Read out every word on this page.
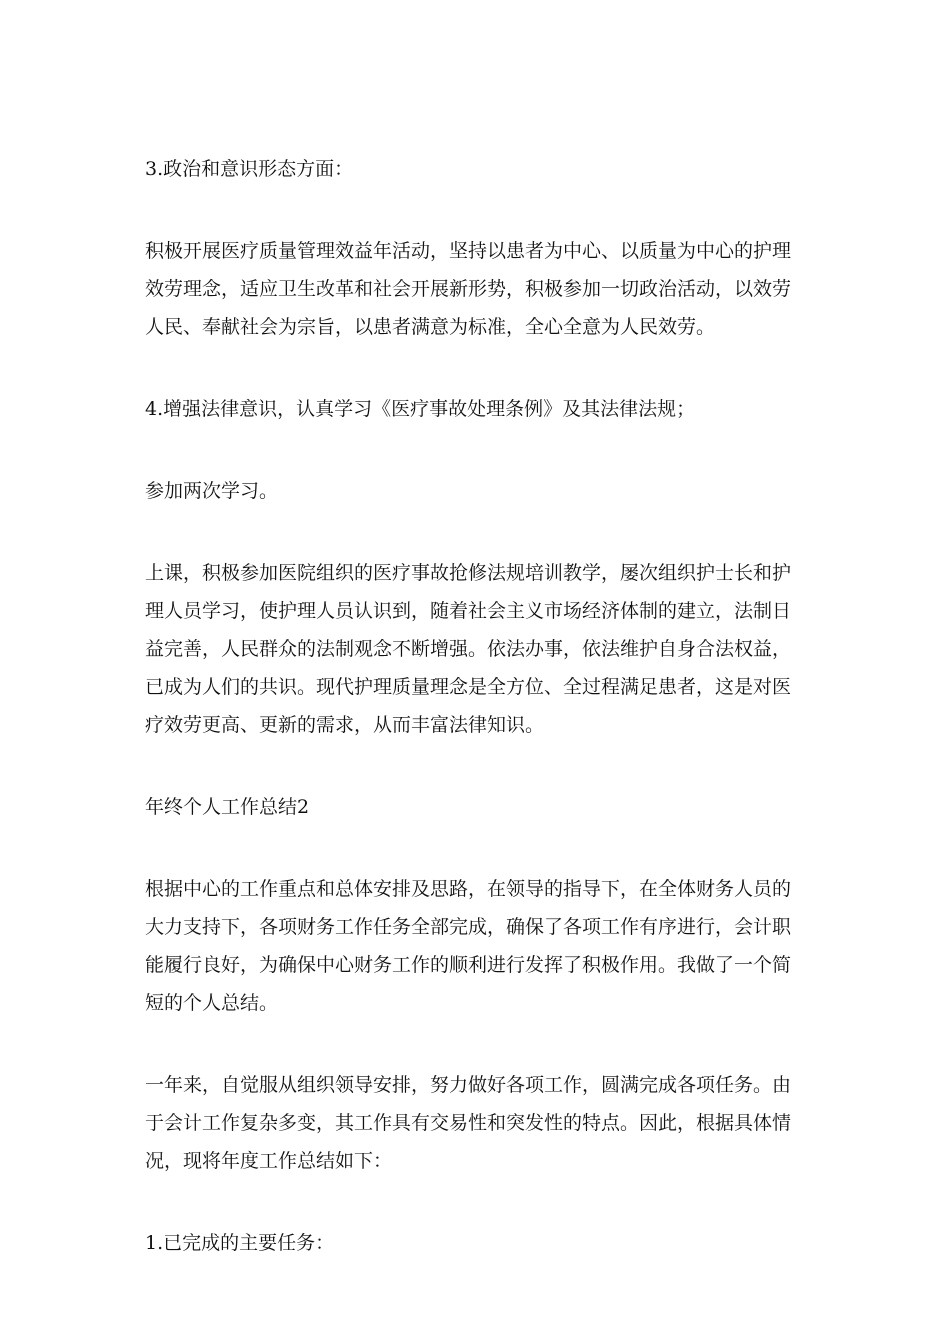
3.政治和意识形态方面：

积极开展医疗质量管理效益年活动，坚持以患者为中心、以质量为中心的护理效劳理念，适应卫生改革和社会开展新形势，积极参加一切政治活动，以效劳人民、奉献社会为宗旨，以患者满意为标准，全心全意为人民效劳。

4.增强法律意识，认真学习《医疗事故处理条例》及其法律法规；

参加两次学习。

上课，积极参加医院组织的医疗事故抢修法规培训教学，屡次组织护士长和护理人员学习，使护理人员认识到，随着社会主义市场经济体制的建立，法制日益完善，人民群众的法制观念不断增强。依法办事，依法维护自身合法权益，已成为人们的共识。现代护理质量理念是全方位、全过程满足患者，这是对医疗效劳更高、更新的需求，从而丰富法律知识。

年终个人工作总结2

根据中心的工作重点和总体安排及思路，在领导的指导下，在全体财务人员的大力支持下，各项财务工作任务全部完成，确保了各项工作有序进行，会计职能履行良好，为确保中心财务工作的顺利进行发挥了积极作用。我做了一个简短的个人总结。

一年来，自觉服从组织领导安排，努力做好各项工作，圆满完成各项任务。由于会计工作复杂多变，其工作具有交易性和突发性的特点。因此，根据具体情况，现将年度工作总结如下：

1.已完成的主要任务：
